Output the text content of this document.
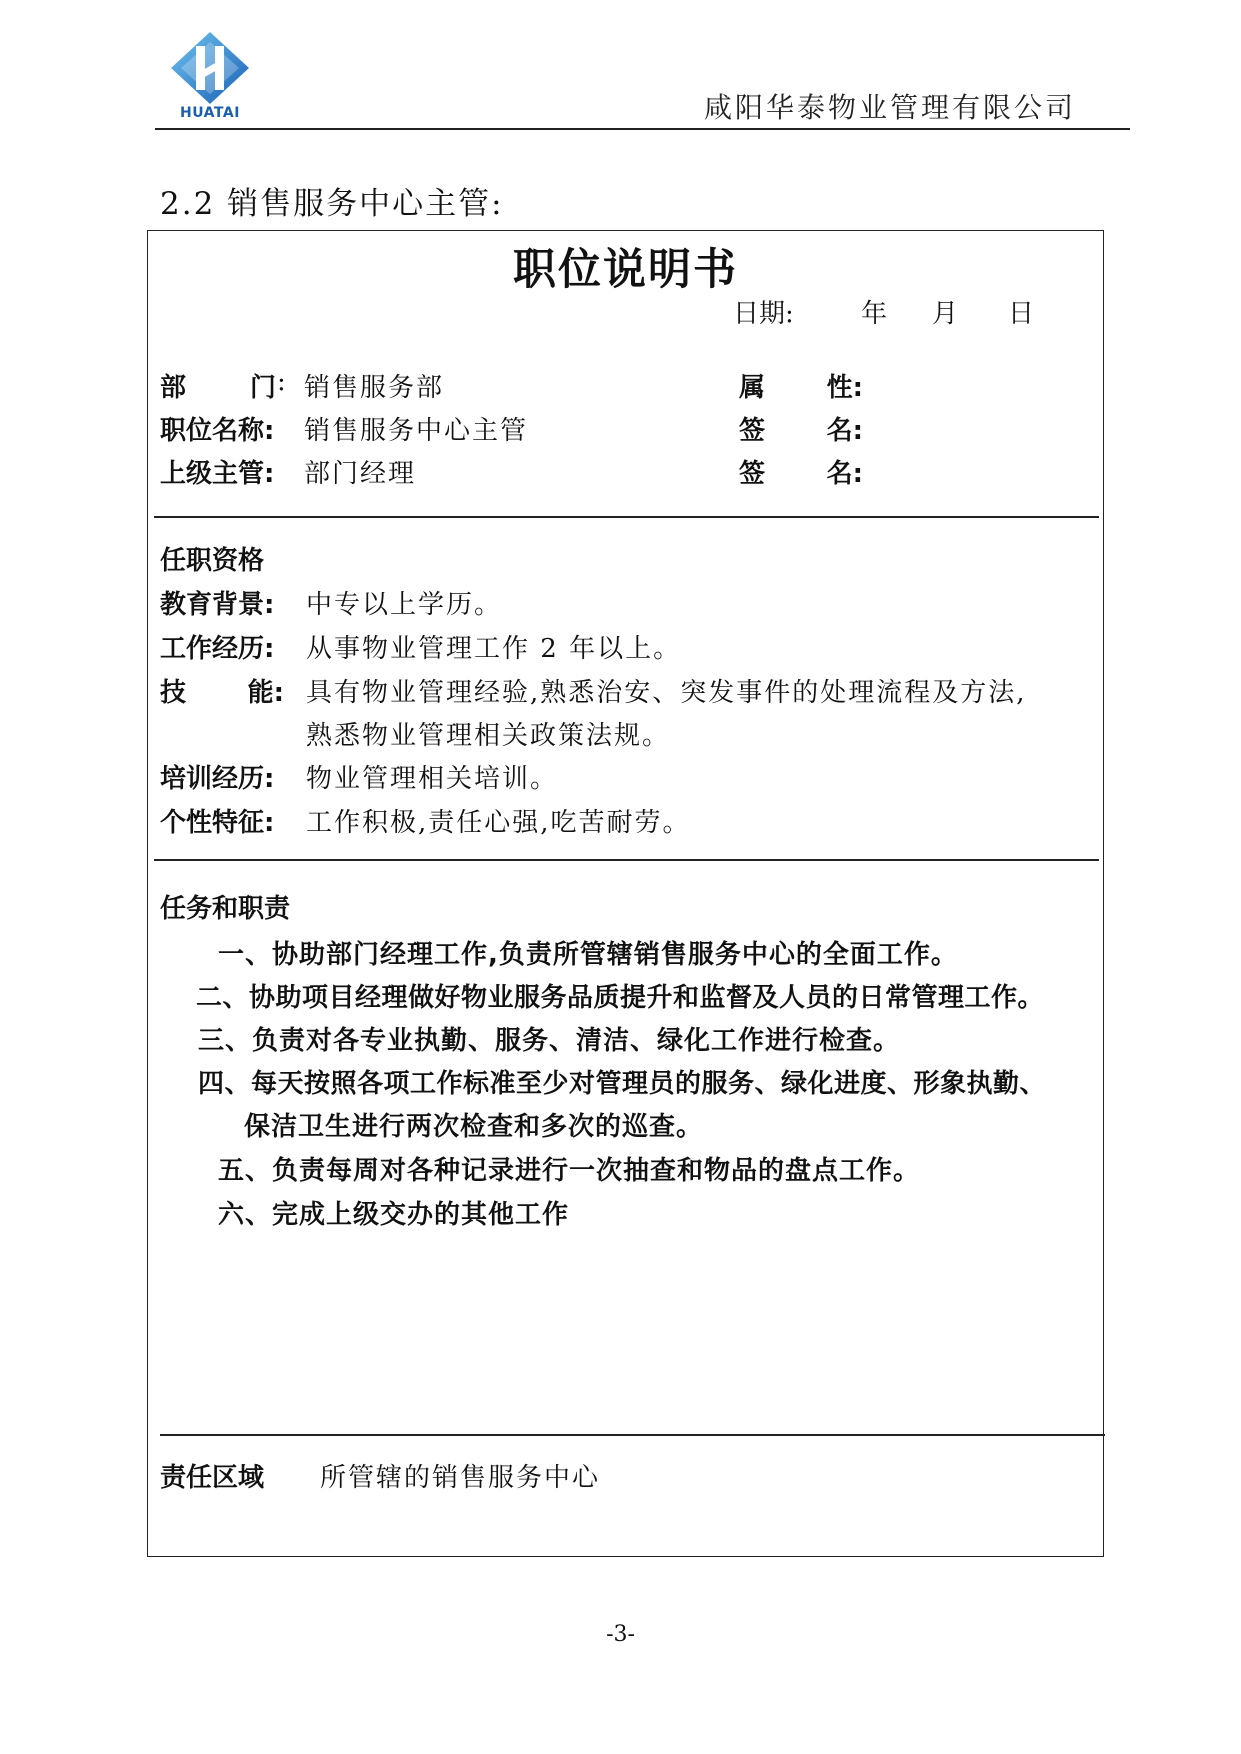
HUATAI	咸阳华泰物业管理有限公司
2.2 销售服务中心主管:
职位说明书
日期:	年 月 日
部 门 : 销售服务部
职位名称: 销售服务中心主管
上级主管: 部门经理
属 性:
签 名:
签 名:
任职资格
教育背景: 中专以上学历。
工作经历: 从事物业管理工作 2 年以上。
技 能: 具有物业管理经验,熟悉治安、突发事件的处理流程及方法,
熟悉物业管理相关政策法规。
培训经历: 物业管理相关培训。
个性特征: 工作积极,责任心强,吃苦耐劳。
任务和职责
一、协助部门经理工作,负责所管辖销售服务中心的全面工作。
二、协助项目经理做好物业服务品质提升和监督及人员的日常管理工作。
三、负责对各专业执勤、服务、清洁、绿化工作进行检查。
四、每天按照各项工作标准至少对管理员的服务、绿化进度、形象执勤、
保洁卫生进行两次检查和多次的巡查。
五、负责每周对各种记录进行一次抽查和物品的盘点工作。
六、完成上级交办的其他工作
责任区域 所管辖的销售服务中心
-3-
